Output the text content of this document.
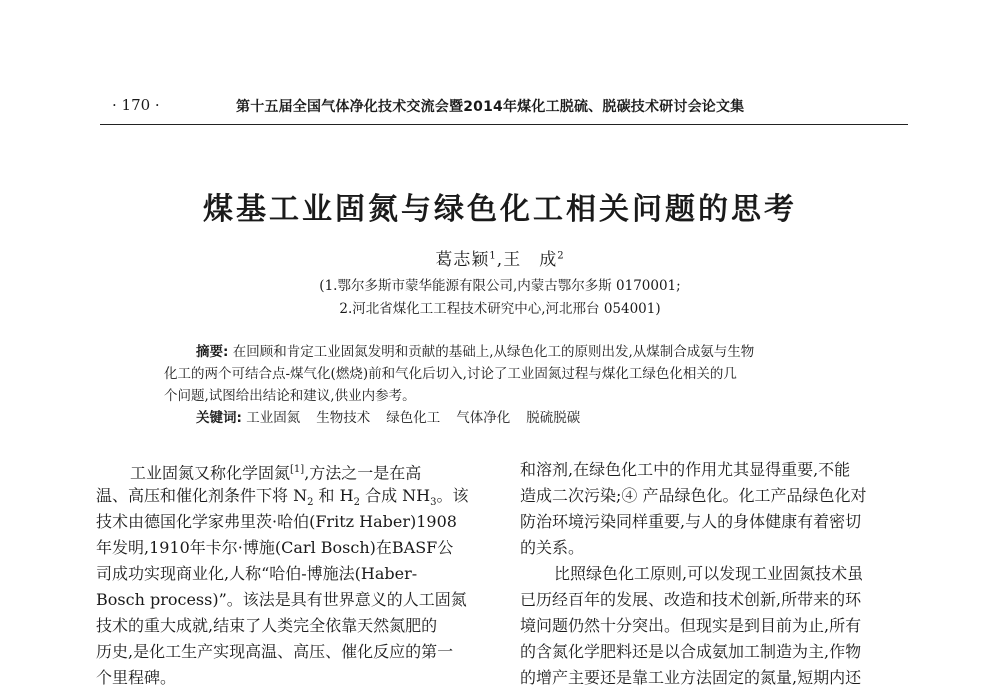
· 170 ·	第十五届全国气体净化技术交流会暨2014年煤化工脱硫、脱碳技术研讨会论文集
煤基工业固氮与绿色化工相关问题的思考
葛志颖$^1$,王　成$^2$
(1.鄂尔多斯市蒙华能源有限公司,内蒙古鄂尔多斯 0170001;
2.河北省煤化工工程技术研究中心,河北邢台 054001)
摘要: 在回顾和肯定工业固氮发明和贡献的基础上,从绿色化工的原则出发,从煤制合成氨与生物
化工的两个可结合点-煤气化(燃烧)前和气化后切入,讨论了工业固氮过程与煤化工绿色化相关的几
个问题,试图给出结论和建议,供业内参考。
关键词: 工业固氮 生物技术 绿色化工 气体净化 脱硫脱碳
工业固氮又称化学固氮[1],方法之一是在高
温、高压和催化剂条件下将 $N_2$ 和 $H_2$ 合成 $NH_3$。该
技术由德国化学家弗里茨·哈伯(Fritz Haber)1908
年发明,1910年卡尔·博施(Carl Bosch)在BASF公
司成功实现商业化,人称“哈伯-博施法(Haber-
Bosch process)”。该法是具有世界意义的人工固氮
技术的重大成就,结束了人类完全依靠天然氮肥的
历史,是化工生产实现高温、高压、催化反应的第一
个里程碑。
和溶剂,在绿色化工中的作用尤其显得重要,不能
造成二次污染;④ 产品绿色化。化工产品绿色化对
防治环境污染同样重要,与人的身体健康有着密切
的关系。
比照绿色化工原则,可以发现工业固氮技术虽
已历经百年的发展、改造和技术创新,所带来的环
境问题仍然十分突出。但现实是到目前为止,所有
的含氮化学肥料还是以合成氨加工制造为主,作物
的增产主要还是靠工业方法固定的氮量,短期内还
